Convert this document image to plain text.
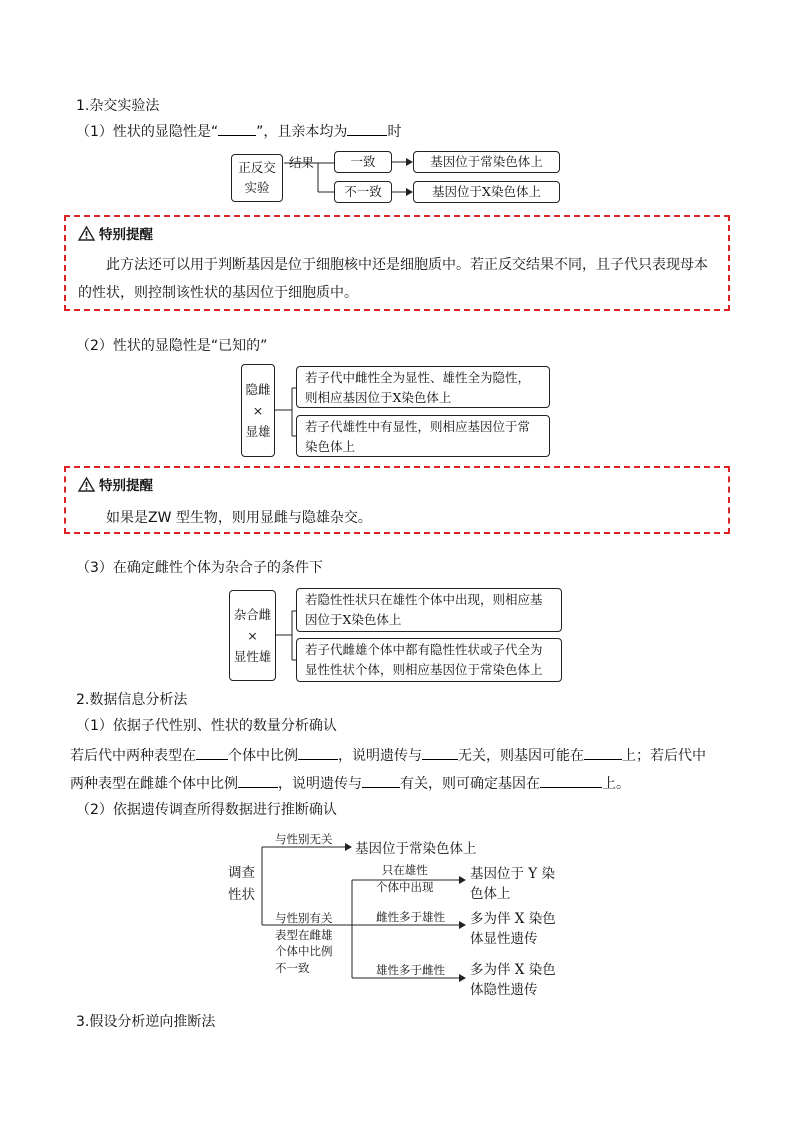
1.杂交实验法
（1）性状的显隐性是“	”，且亲本均为	时
正反交
实验
结果	一致
不一致
基因位于常染色体上
基因位于X染色体上
特别提醒
此方法还可以用于判断基因是位于细胞核中还是细胞质中。若正反交结果不同，且子代只表现母本的性状，则控制该性状的基因位于细胞质中。
（2）性状的显隐性是“已知的”
隐雌
×
显雄
若子代中雌性全为显性、雄性全为隐性，则相应基因位于X染色体上
若子代雄性中有显性，则相应基因位于常染色体上
特别提醒
如果是ZW 型生物，则用显雌与隐雄杂交。
（3）在确定雌性个体为杂合子的条件下
杂合雌
×
显性雄
若隐性性状只在雄性个体中出现，则相应基因位于X染色体上
若子代雌雄个体中都有隐性性状或子代全为显性性状个体，则相应基因位于常染色体上
2.数据信息分析法
（1）依据子代性别、性状的数量分析确认
若后代中两种表型在 个体中比例	，说明遗传与	无关，则基因可能在	上；若后代中
两种表型在雌雄个体中比例	，说明遗传与	有关，则可确定基因在	上。
（2）依据遗传调查所得数据进行推断确认
调查
性状
与性别无关
基因位于常染色体上
与性别有关
表型在雌雄
个体中比例
不一致
只在雄性
个体中出现
基因位于 Y 染
色体上
雌性多于雄性 多为伴 X 染色
体显性遗传
雄性多于雌性 多为伴 X 染色
体隐性遗传
3.假设分析逆向推断法
